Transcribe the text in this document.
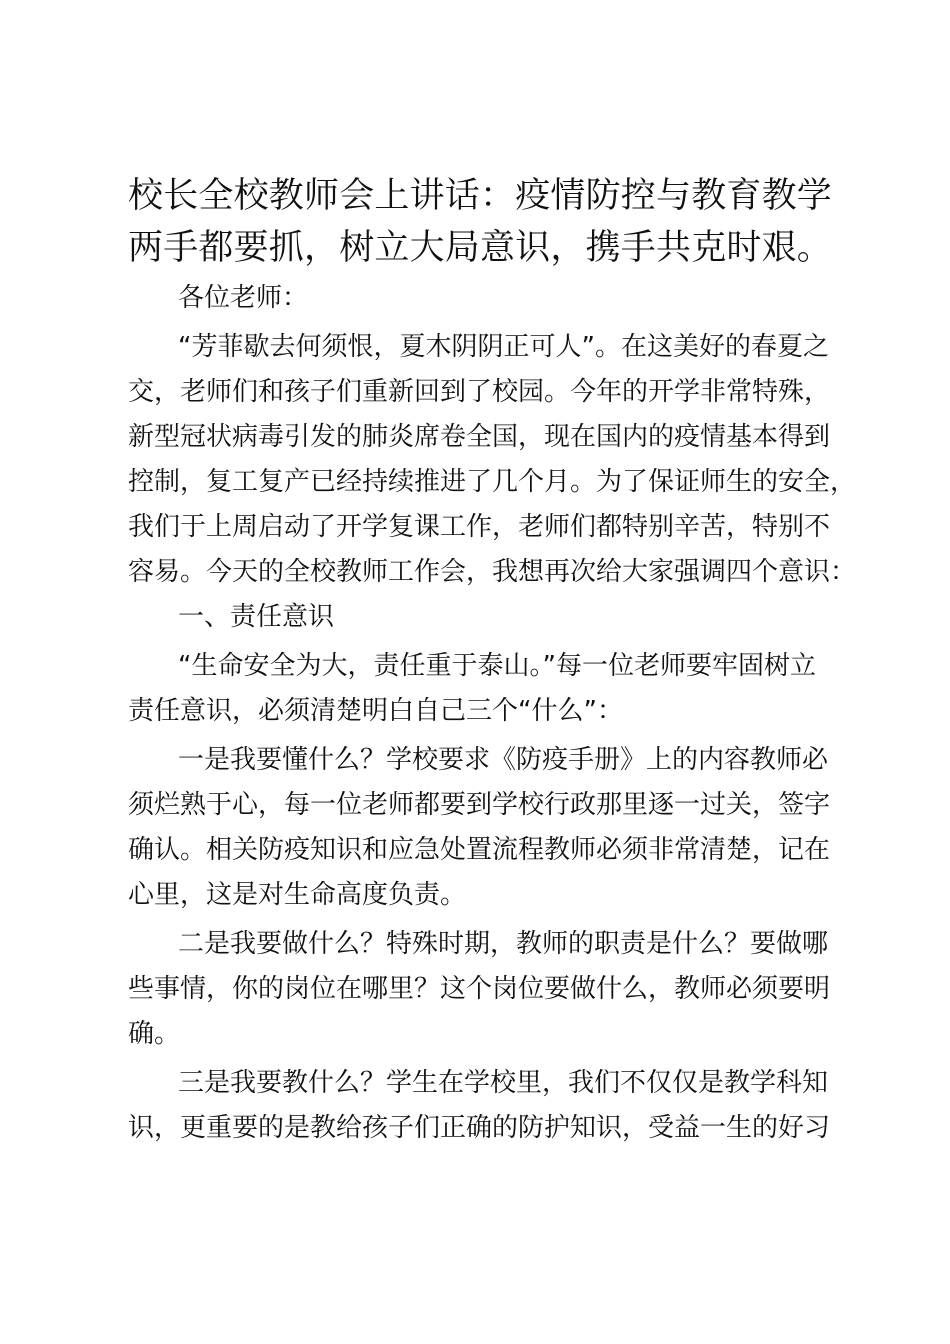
校长全校教师会上讲话：疫情防控与教育教学
两手都要抓，树立大局意识，携手共克时艰。

各位老师：

“芳菲歇去何须恨，夏木阴阴正可人”。在这美好的春夏之
交，老师们和孩子们重新回到了校园。今年的开学非常特殊，
新型冠状病毒引发的肺炎席卷全国，现在国内的疫情基本得到
控制，复工复产已经持续推进了几个月。为了保证师生的安全，
我们于上周启动了开学复课工作，老师们都特别辛苦，特别不
容易。今天的全校教师工作会，我想再次给大家强调四个意识：

一、责任意识

“生命安全为大，责任重于泰山。”每一位老师要牢固树立
责任意识，必须清楚明白自己三个“什么”：

一是我要懂什么？学校要求《防疫手册》上的内容教师必
须烂熟于心，每一位老师都要到学校行政那里逐一过关，签字
确认。相关防疫知识和应急处置流程教师必须非常清楚，记在
心里，这是对生命高度负责。

二是我要做什么？特殊时期，教师的职责是什么？要做哪
些事情，你的岗位在哪里？这个岗位要做什么，教师必须要明
确。

三是我要教什么？学生在学校里，我们不仅仅是教学科知
识，更重要的是教给孩子们正确的防护知识，受益一生的好习
